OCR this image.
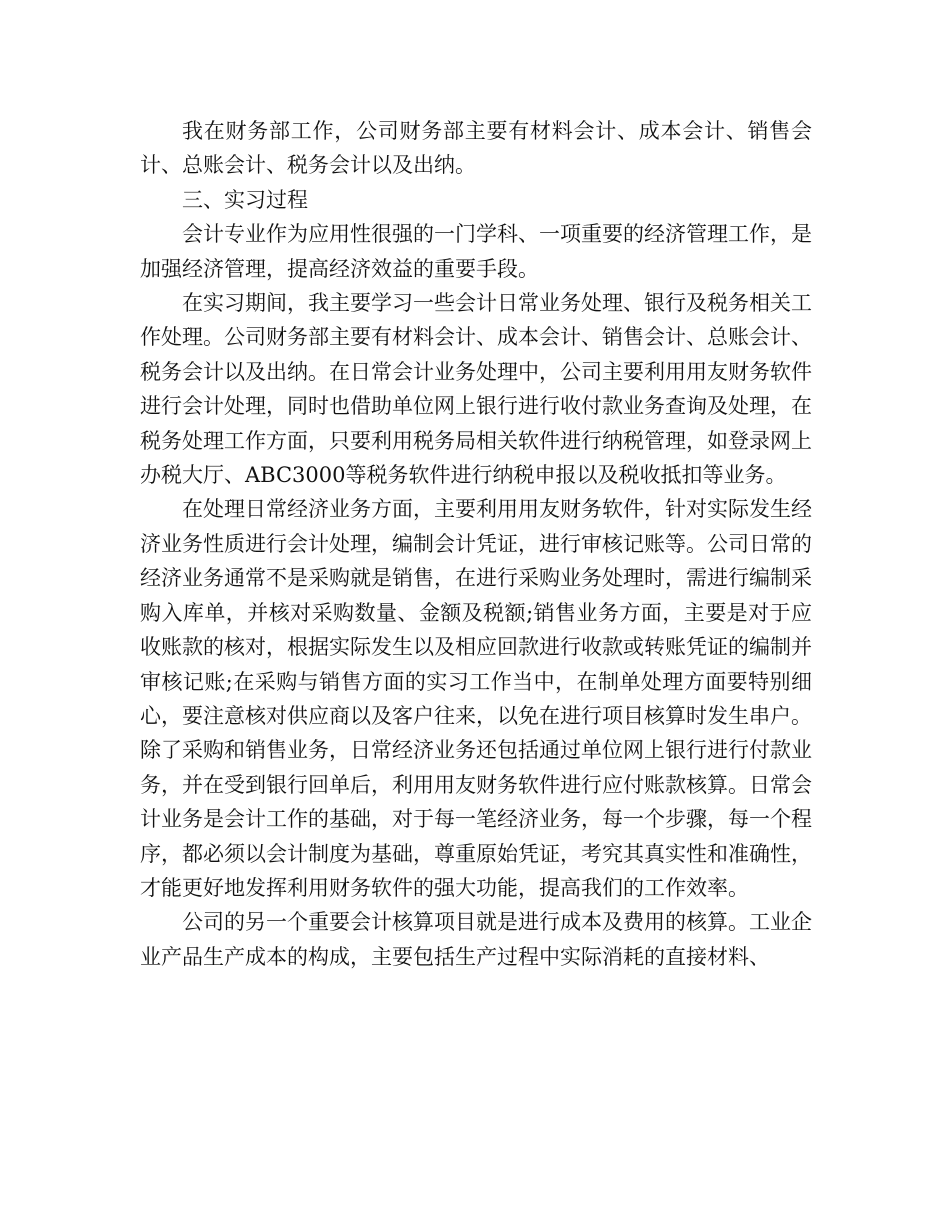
我在财务部工作，公司财务部主要有材料会计、成本会计、销售会计、总账会计、税务会计以及出纳。

三、实习过程

会计专业作为应用性很强的一门学科、一项重要的经济管理工作，是加强经济管理，提高经济效益的重要手段。

在实习期间，我主要学习一些会计日常业务处理、银行及税务相关工作处理。公司财务部主要有材料会计、成本会计、销售会计、总账会计、税务会计以及出纳。在日常会计业务处理中，公司主要利用用友财务软件进行会计处理，同时也借助单位网上银行进行收付款业务查询及处理，在税务处理工作方面，只要利用税务局相关软件进行纳税管理，如登录网上办税大厅、ABC3000等税务软件进行纳税申报以及税收抵扣等业务。

在处理日常经济业务方面，主要利用用友财务软件，针对实际发生经济业务性质进行会计处理，编制会计凭证，进行审核记账等。公司日常的经济业务通常不是采购就是销售，在进行采购业务处理时，需进行编制采购入库单，并核对采购数量、金额及税额;销售业务方面，主要是对于应收账款的核对，根据实际发生以及相应回款进行收款或转账凭证的编制并审核记账;在采购与销售方面的实习工作当中，在制单处理方面要特别细心，要注意核对供应商以及客户往来，以免在进行项目核算时发生串户。除了采购和销售业务，日常经济业务还包括通过单位网上银行进行付款业务，并在受到银行回单后，利用用友财务软件进行应付账款核算。日常会计业务是会计工作的基础，对于每一笔经济业务，每一个步骤，每一个程序，都必须以会计制度为基础，尊重原始凭证，考究其真实性和准确性，才能更好地发挥利用财务软件的强大功能，提高我们的工作效率。

公司的另一个重要会计核算项目就是进行成本及费用的核算。工业企业产品生产成本的构成，主要包括生产过程中实际消耗的直接材料、
